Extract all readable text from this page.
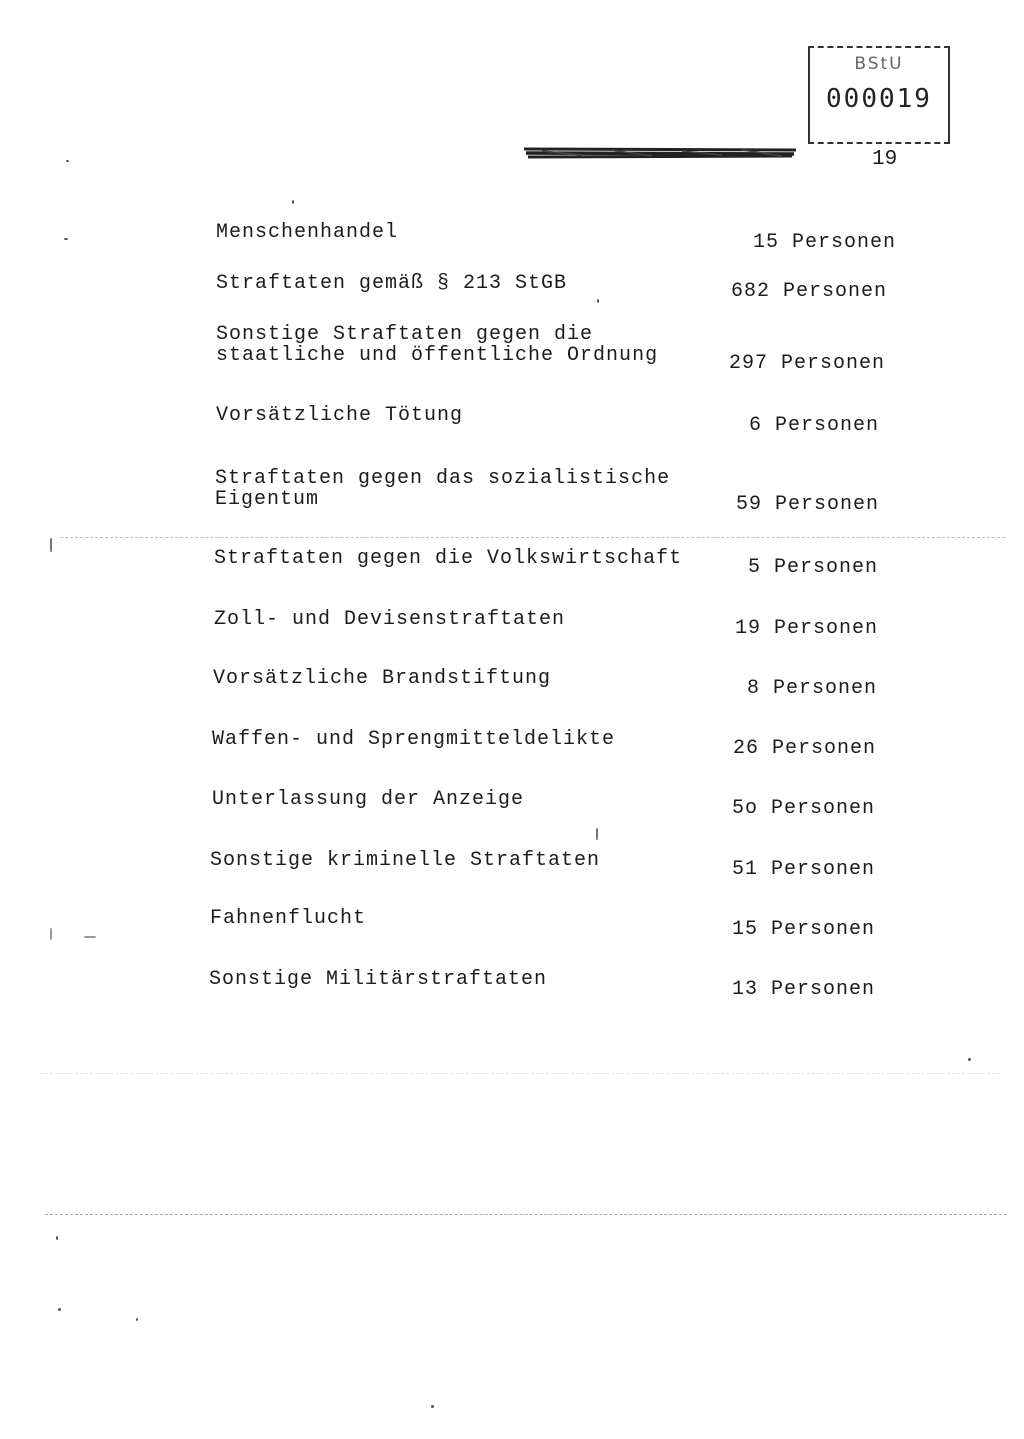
BStU
000019
19
Menschenhandel	15 Personen
Straftaten gemäß § 213 StGB	682 Personen
Sonstige Straftaten gegen die
staatliche und öffentliche Ordnung	297 Personen
Vorsätzliche Tötung	6 Personen
Straftaten gegen das sozialistische
Eigentum	59 Personen
Straftaten gegen die Volkswirtschaft	5 Personen
Zoll- und Devisenstraftaten	19 Personen
Vorsätzliche Brandstiftung	8 Personen
Waffen- und Sprengmitteldelikte	26 Personen
Unterlassung der Anzeige	5o Personen
Sonstige kriminelle Straftaten	51 Personen
Fahnenflucht	15 Personen
Sonstige Militärstraftaten	13 Personen
